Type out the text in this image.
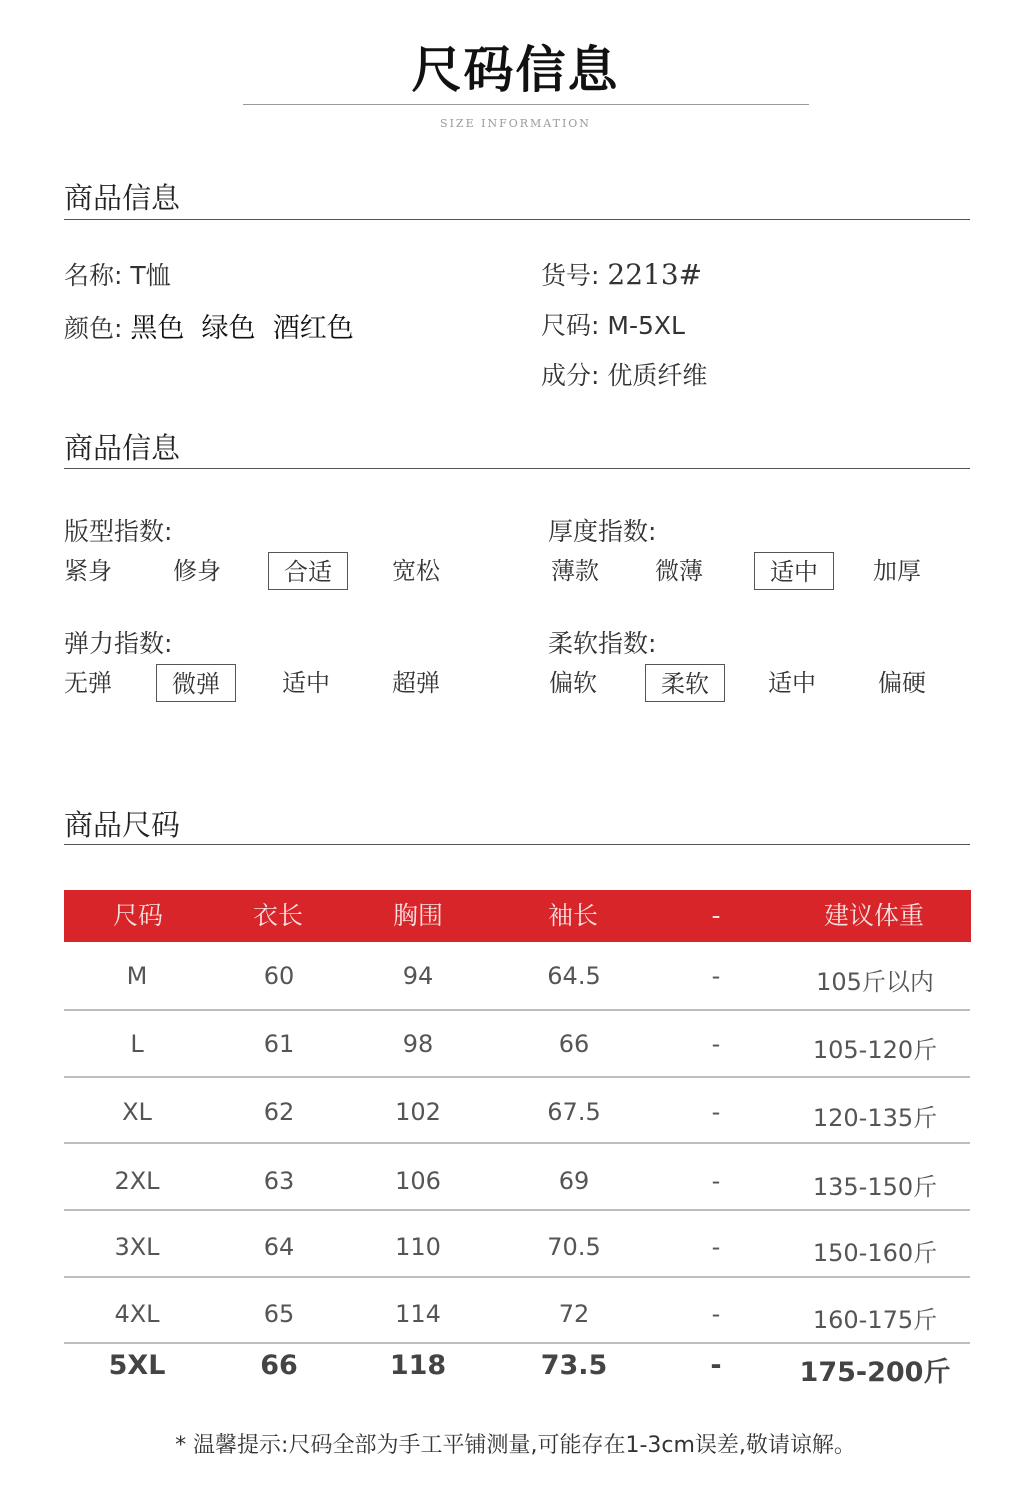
尺码信息
SIZE INFORMATION
商品信息
名称: T恤
颜色: 黑色  绿色  酒红色
货号: 2213#
尺码: M-5XL
成分: 优质纤维
商品信息
版型指数:
紧身	修身	合适	宽松
厚度指数:
薄款	微薄	适中	加厚
弹力指数:
无弹	微弹	适中	超弹
柔软指数:
偏软	柔软	适中	偏硬
商品尺码
尺码	衣长	胸围	袖长	-	建议体重
M	60	94	64.5	-	105斤以内
L	61	98	66	-	105-120斤
XL	62	102	67.5	-	120-135斤
2XL	63	106	69	-	135-150斤
3XL	64	110	70.5	-	150-160斤
4XL	65	114	72	-	160-175斤
5XL	66	118	73.5	-	175-200斤
* 温馨提示:尺码全部为手工平铺测量,可能存在1-3cm误差,敬请谅解。
